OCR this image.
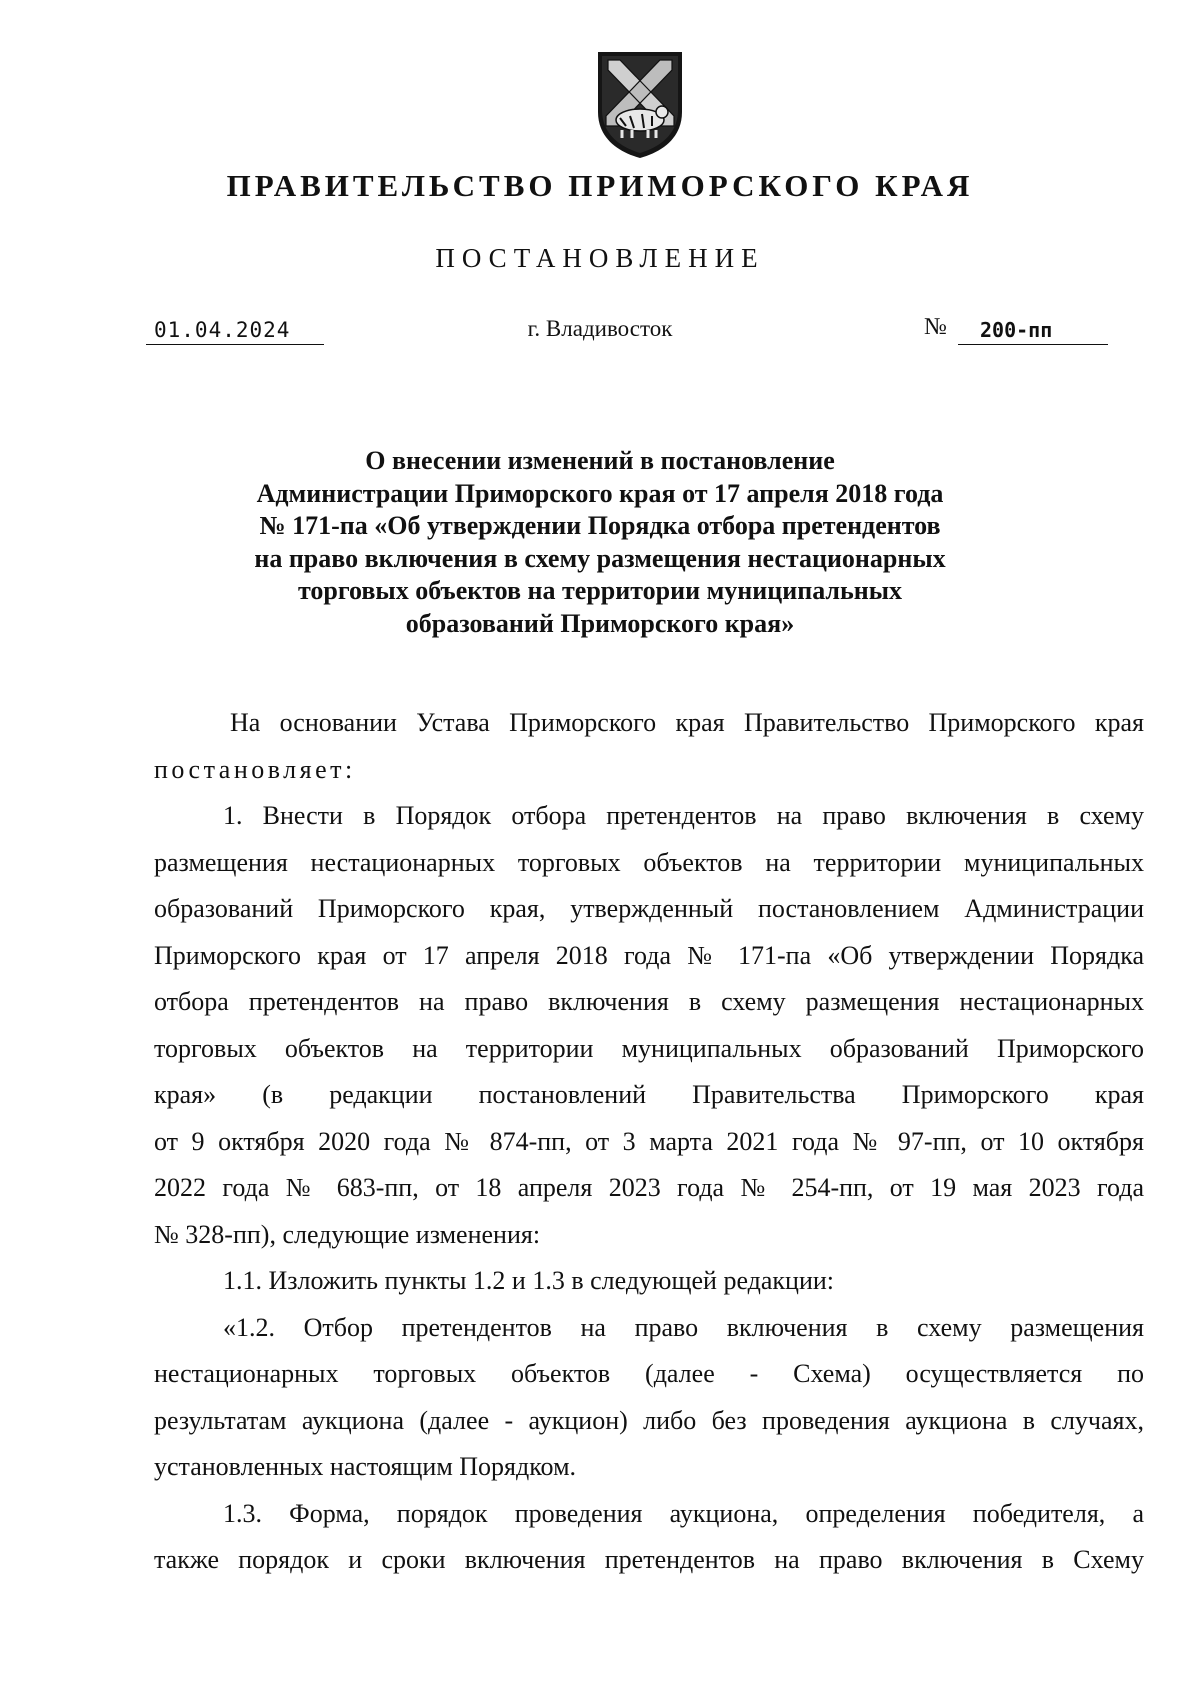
ПРАВИТЕЛЬСТВО ПРИМОРСКОГО КРАЯ
ПОСТАНОВЛЕНИЕ
01.04.2024	г. Владивосток	№	200-пп
О внесении изменений в постановление
Администрации Приморского края от 17 апреля 2018 года
№ 171-па «Об утверждении Порядка отбора претендентов
на право включения в схему размещения нестационарных
торговых объектов на территории муниципальных
образований Приморского края»
На основании Устава Приморского края Правительство Приморского края
постановляет:
1. Внести в Порядок отбора претендентов на право включения в схему
размещения нестационарных торговых объектов на территории муниципальных
образований Приморского края, утвержденный постановлением Администрации
Приморского края от 17 апреля 2018 года № 171-па «Об утверждении Порядка
отбора претендентов на право включения в схему размещения нестационарных
торговых объектов на территории муниципальных образований Приморского
края» (в редакции постановлений Правительства Приморского края
от 9 октября 2020 года № 874-пп, от 3 марта 2021 года № 97-пп, от 10 октября
2022 года № 683-пп, от 18 апреля 2023 года № 254-пп, от 19 мая 2023 года
№ 328-пп), следующие изменения:
1.1. Изложить пункты 1.2 и 1.3 в следующей редакции:
«1.2. Отбор претендентов на право включения в схему размещения
нестационарных торговых объектов (далее - Схема) осуществляется по
результатам аукциона (далее - аукцион) либо без проведения аукциона в случаях,
установленных настоящим Порядком.
1.3. Форма, порядок проведения аукциона, определения победителя, а
также порядок и сроки включения претендентов на право включения в Схему
